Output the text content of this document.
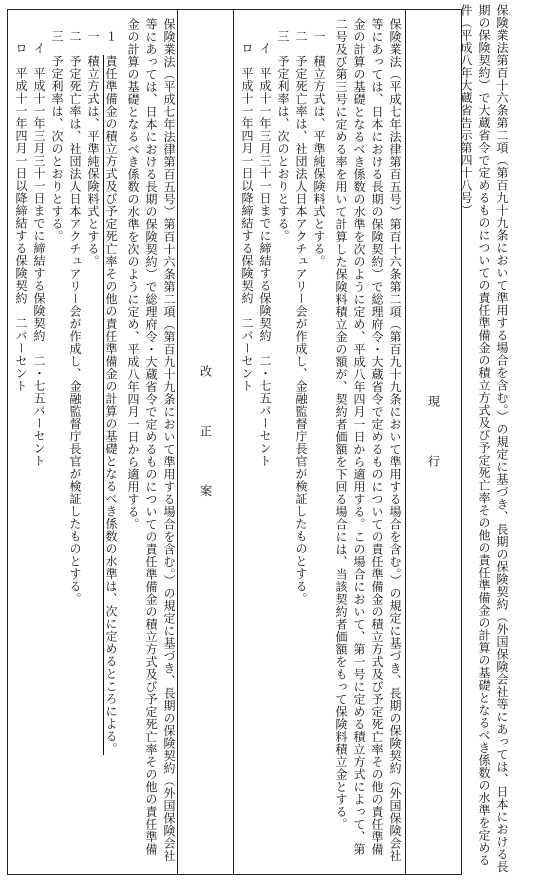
保険業法第百十六条第二項（第百九十九条において準用する場合を含む。）の規定に基づき、長期の保険契約（外国保険会社等にあっては、日本における長期の保険契約）で大蔵省令で定めるものについての責任準備金の積立方式及び予定死亡率その他の責任準備金の計算の基礎となるべき係数の水準を定める件（平成八年大蔵省告示第四十八号）
現 行
保険業法（平成七年法律第百五号）第百十六条第二項（第百九十九条において準用する場合を含む。）の規定に基づき、長期の保険契約（外国保険会社等にあっては、日本における長期の保険契約）で総理府令・大蔵省令で定めるものについての責任準備金の積立方式及び予定死亡率その他の責任準備金の計算の基礎となるべき係数の水準を次のように定め、平成八年四月一日から適用する。この場合において、第一号に定める積立方式によって、第二号及び第三号に定める率を用いて計算した保険料積立金の額が、契約者価額を下回る場合には、当該契約者価額をもって保険料積立金とする。
一　積立方式は、平準純保険料式とする。
二　予定死亡率は、社団法人日本アクチュアリー会が作成し、金融監督庁長官が検証したものとする。
三　予定利率は、次のとおりとする。
イ　平成十一年三月三十一日までに締結する保険契約　二・七五パーセント
ロ　平成十一年四月一日以降締結する保険契約　二パーセント
改 正 案
保険業法（平成七年法律第百五号）第百十六条第二項（第百九十九条において準用する場合を含む。）の規定に基づき、長期の保険契約（外国保険会社等にあっては、日本における長期の保険契約）で総理府令・大蔵省令で定めるものについての責任準備金の積立方式及び予定死亡率その他の責任準備金の計算の基礎となるべき係数の水準を次のように定め、平成八年四月一日から適用する。
１　責任準備金の積立方式及び予定死亡率その他の責任準備金の計算の基礎となるべき係数の水準は、次に定めるところによる。
一　積立方式は、平準純保険料式とする。
二　予定死亡率は、社団法人日本アクチュアリー会が作成し、金融監督庁長官が検証したものとする。
三　予定利率は、次のとおりとする。
イ　平成十一年三月三十一日までに締結する保険契約　二・七五パーセント
ロ　平成十一年四月一日以降締結する保険契約　二パーセント
